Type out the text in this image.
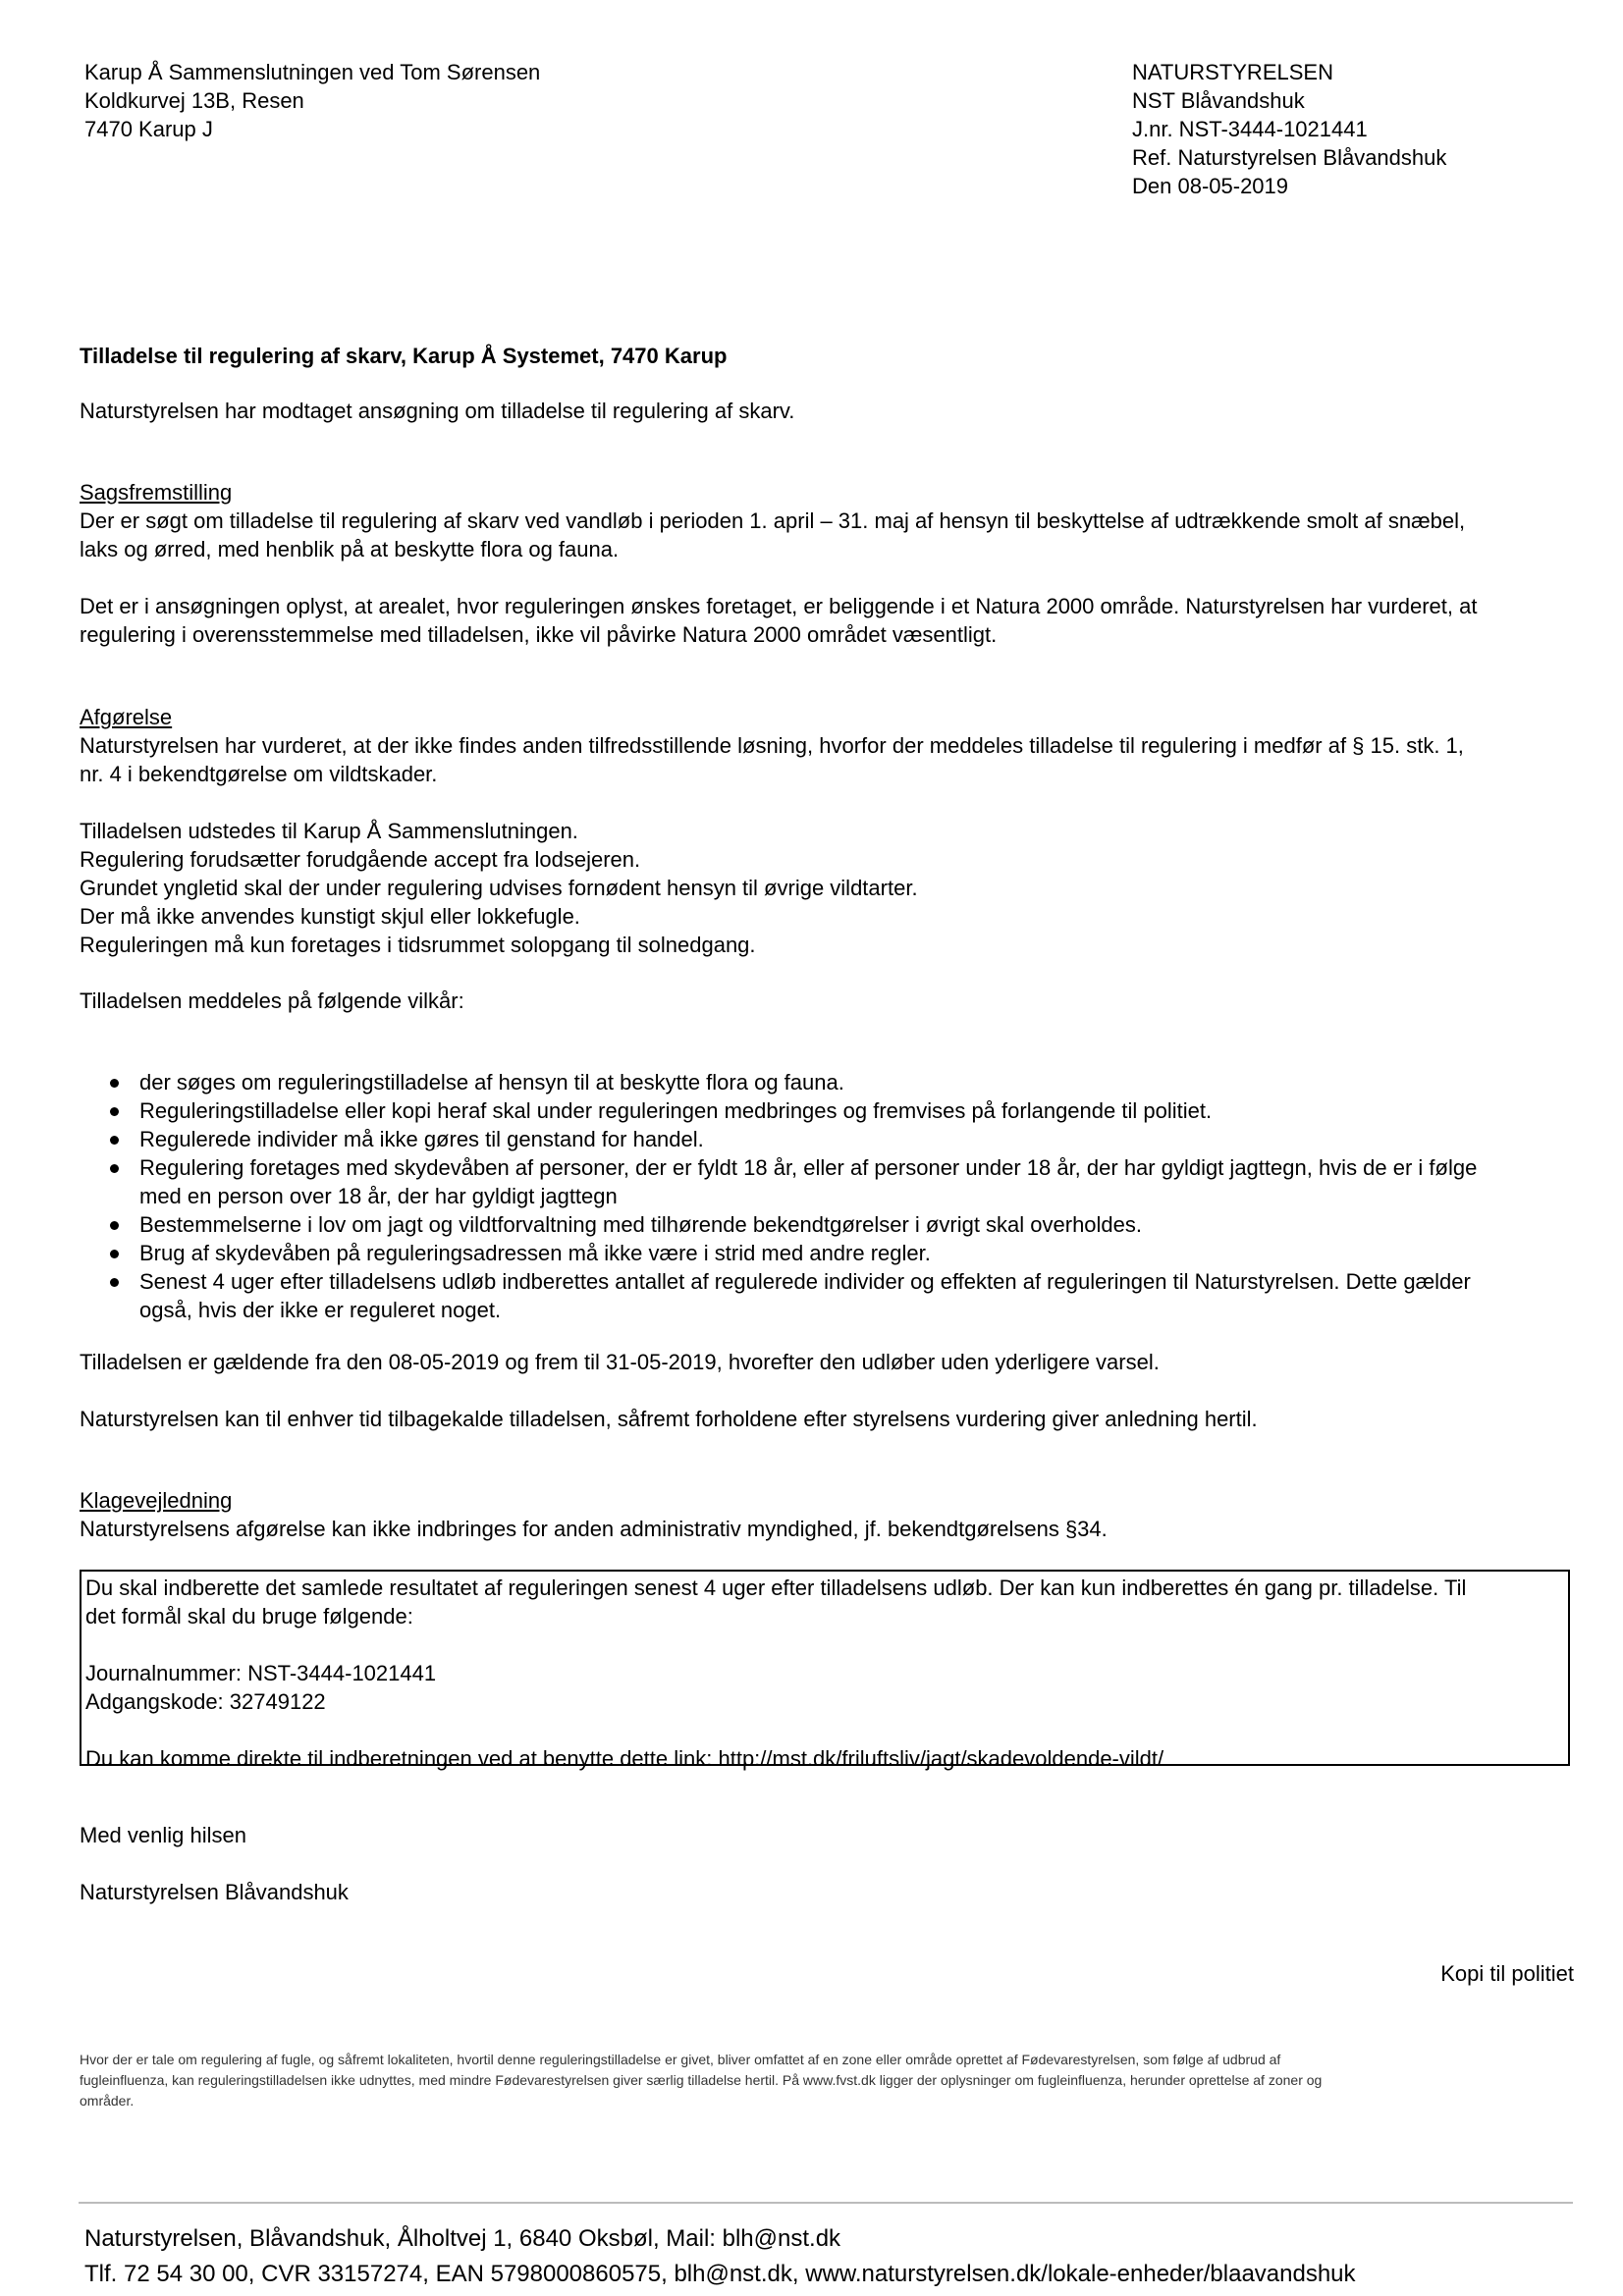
Karup Å Sammenslutningen ved Tom Sørensen
Koldkurvej 13B, Resen
7470 Karup J
NATURSTYRELSEN
NST Blåvandshuk
J.nr. NST-3444-1021441
Ref. Naturstyrelsen Blåvandshuk
Den 08-05-2019
Tilladelse til regulering af skarv, Karup Å Systemet, 7470 Karup
Naturstyrelsen har modtaget ansøgning om tilladelse til regulering af skarv.
Sagsfremstilling
Der er søgt om tilladelse til regulering af skarv ved vandløb i perioden 1. april – 31. maj af hensyn til beskyttelse af udtrækkende smolt af snæbel,
laks og ørred, med henblik på at beskytte flora og fauna.
Det er i ansøgningen oplyst, at arealet, hvor reguleringen ønskes foretaget, er beliggende i et Natura 2000 område. Naturstyrelsen har vurderet, at
regulering i overensstemmelse med tilladelsen, ikke vil påvirke Natura 2000 området væsentligt.
Afgørelse
Naturstyrelsen har vurderet, at der ikke findes anden tilfredsstillende løsning, hvorfor der meddeles tilladelse til regulering i medfør af § 15. stk. 1,
nr. 4 i bekendtgørelse om vildtskader.
Tilladelsen udstedes til Karup Å Sammenslutningen.
Regulering forudsætter forudgående accept fra lodsejeren.
Grundet yngletid skal der under regulering udvises fornødent hensyn til øvrige vildtarter.
Der må ikke anvendes kunstigt skjul eller lokkefugle.
Reguleringen må kun foretages i tidsrummet solopgang til solnedgang.
Tilladelsen meddeles på følgende vilkår:
der søges om reguleringstilladelse af hensyn til at beskytte flora og fauna.
Reguleringstilladelse eller kopi heraf skal under reguleringen medbringes og fremvises på forlangende til politiet.
Regulerede individer må ikke gøres til genstand for handel.
Regulering foretages med skydevåben af personer, der er fyldt 18 år, eller af personer under 18 år, der har gyldigt jagttegn, hvis de er i følge
med en person over 18 år, der har gyldigt jagttegn
Bestemmelserne i lov om jagt og vildtforvaltning med tilhørende bekendtgørelser i øvrigt skal overholdes.
Brug af skydevåben på reguleringsadressen må ikke være i strid med andre regler.
Senest 4 uger efter tilladelsens udløb indberettes antallet af regulerede individer og effekten af reguleringen til Naturstyrelsen. Dette gælder
også, hvis der ikke er reguleret noget.
Tilladelsen er gældende fra den 08-05-2019 og frem til 31-05-2019, hvorefter den udløber uden yderligere varsel.
Naturstyrelsen kan til enhver tid tilbagekalde tilladelsen, såfremt forholdene efter styrelsens vurdering giver anledning hertil.
Klagevejledning
Naturstyrelsens afgørelse kan ikke indbringes for anden administrativ myndighed, jf. bekendtgørelsens §34.
Du skal indberette det samlede resultatet af reguleringen senest 4 uger efter tilladelsens udløb. Der kan kun indberettes én gang pr. tilladelse. Til
det formål skal du bruge følgende:
Journalnummer: NST-3444-1021441
Adgangskode: 32749122
Du kan komme direkte til indberetningen ved at benytte dette link: http://mst.dk/friluftsliv/jagt/skadevoldende-vildt/
Med venlig hilsen
Naturstyrelsen Blåvandshuk
Kopi til politiet
Hvor der er tale om regulering af fugle, og såfremt lokaliteten, hvortil denne reguleringstilladelse er givet, bliver omfattet af en zone eller område oprettet af Fødevarestyrelsen, som følge af udbrud af
fugleinfluenza, kan reguleringstilladelsen ikke udnyttes, med mindre Fødevarestyrelsen giver særlig tilladelse hertil. På www.fvst.dk ligger der oplysninger om fugleinfluenza, herunder oprettelse af zoner og
områder.
Naturstyrelsen, Blåvandshuk, Ålholtvej 1, 6840 Oksbøl, Mail: blh@nst.dk
Tlf. 72 54 30 00, CVR 33157274, EAN 5798000860575, blh@nst.dk, www.naturstyrelsen.dk/lokale-enheder/blaavandshuk
